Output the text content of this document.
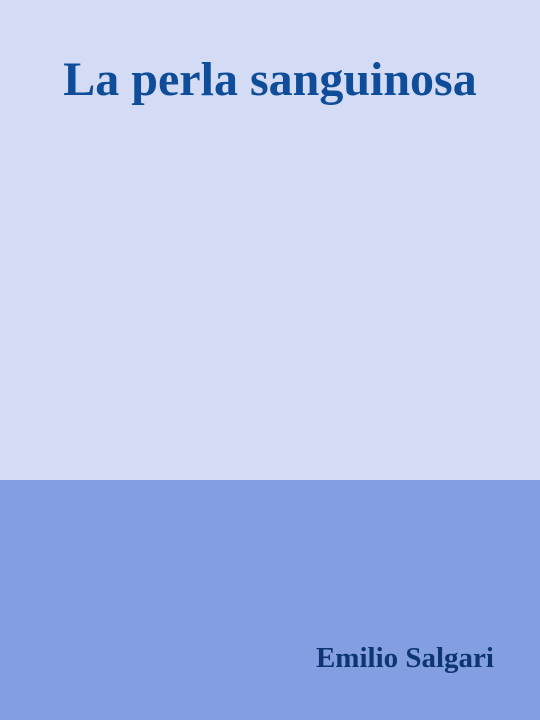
La perla sanguinosa

Emilio Salgari
